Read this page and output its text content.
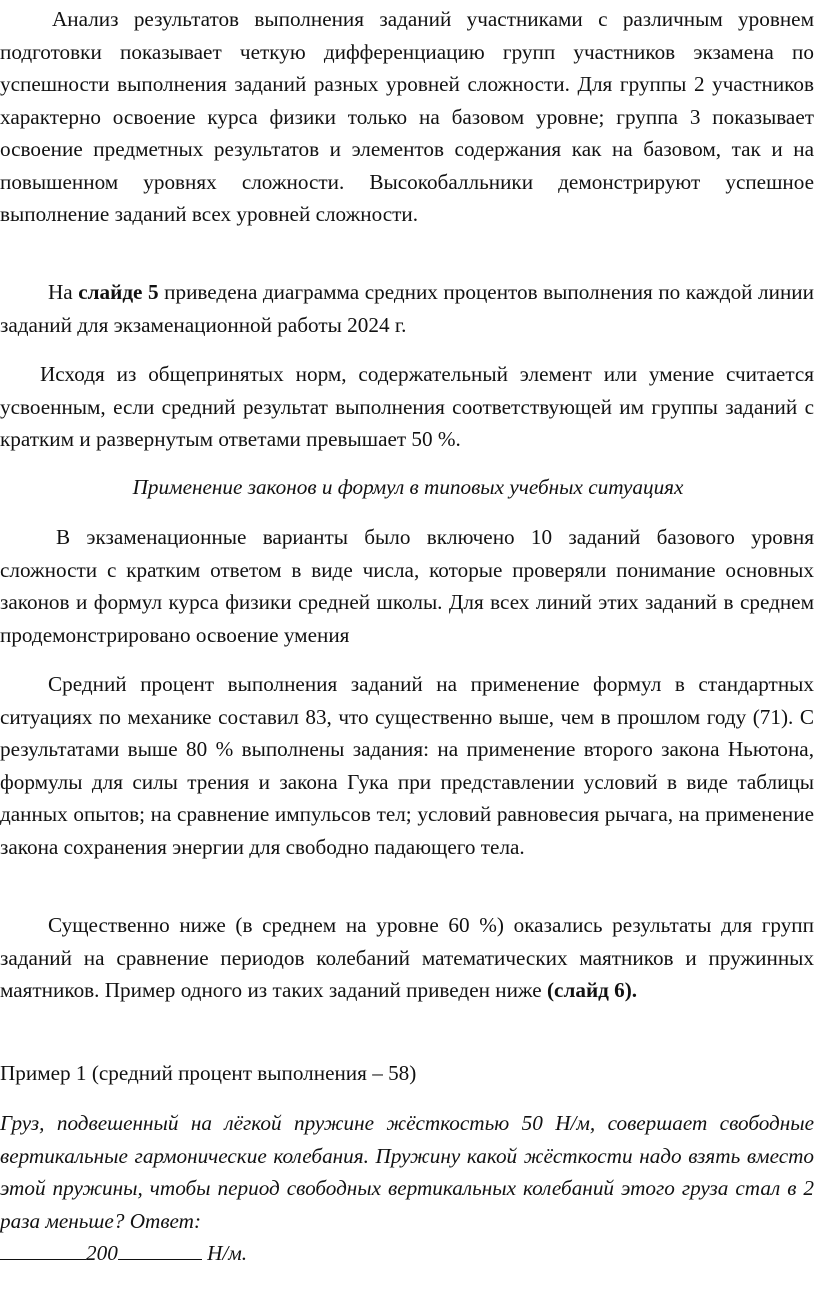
Анализ результатов выполнения заданий участниками с различным уровнем подготовки показывает четкую дифференциацию групп участников экзамена по успешности выполнения заданий разных уровней сложности. Для группы 2 участников характерно освоение курса физики только на базовом уровне; группа 3 показывает освоение предметных результатов и элементов содержания как на базовом, так и на повышенном уровнях сложности. Высокобалльники демонстрируют успешное выполнение заданий всех уровней сложности.

На слайде 5 приведена диаграмма средних процентов выполнения по каждой линии заданий для экзаменационной работы 2024 г.

Исходя из общепринятых норм, содержательный элемент или умение считается усвоенным, если средний результат выполнения соответствующей им группы заданий с кратким и развернутым ответами превышает 50 %.

Применение законов и формул в типовых учебных ситуациях

В экзаменационные варианты было включено 10 заданий базового уровня сложности с кратким ответом в виде числа, которые проверяли понимание основных законов и формул курса физики средней школы. Для всех линий этих заданий в среднем продемонстрировано освоение умения

Средний процент выполнения заданий на применение формул в стандартных ситуациях по механике составил 83, что существенно выше, чем в прошлом году (71). С результатами выше 80 % выполнены задания: на применение второго закона Ньютона, формулы для силы трения и закона Гука при представлении условий в виде таблицы данных опытов; на сравнение импульсов тел; условий равновесия рычага, на применение закона сохранения энергии для свободно падающего тела.

Существенно ниже (в среднем на уровне 60 %) оказались результаты для групп заданий на сравнение периодов колебаний математических маятников и пружинных маятников. Пример одного из таких заданий приведен ниже (слайд 6).

Пример 1 (средний процент выполнения – 58)

Груз, подвешенный на лёгкой пружине жёсткостью 50 Н/м, совершает свободные вертикальные гармонические колебания. Пружину какой жёсткости надо взять вместо этой пружины, чтобы период свободных вертикальных колебаний этого груза стал в 2 раза меньше? Ответ:
200	Н/м.
